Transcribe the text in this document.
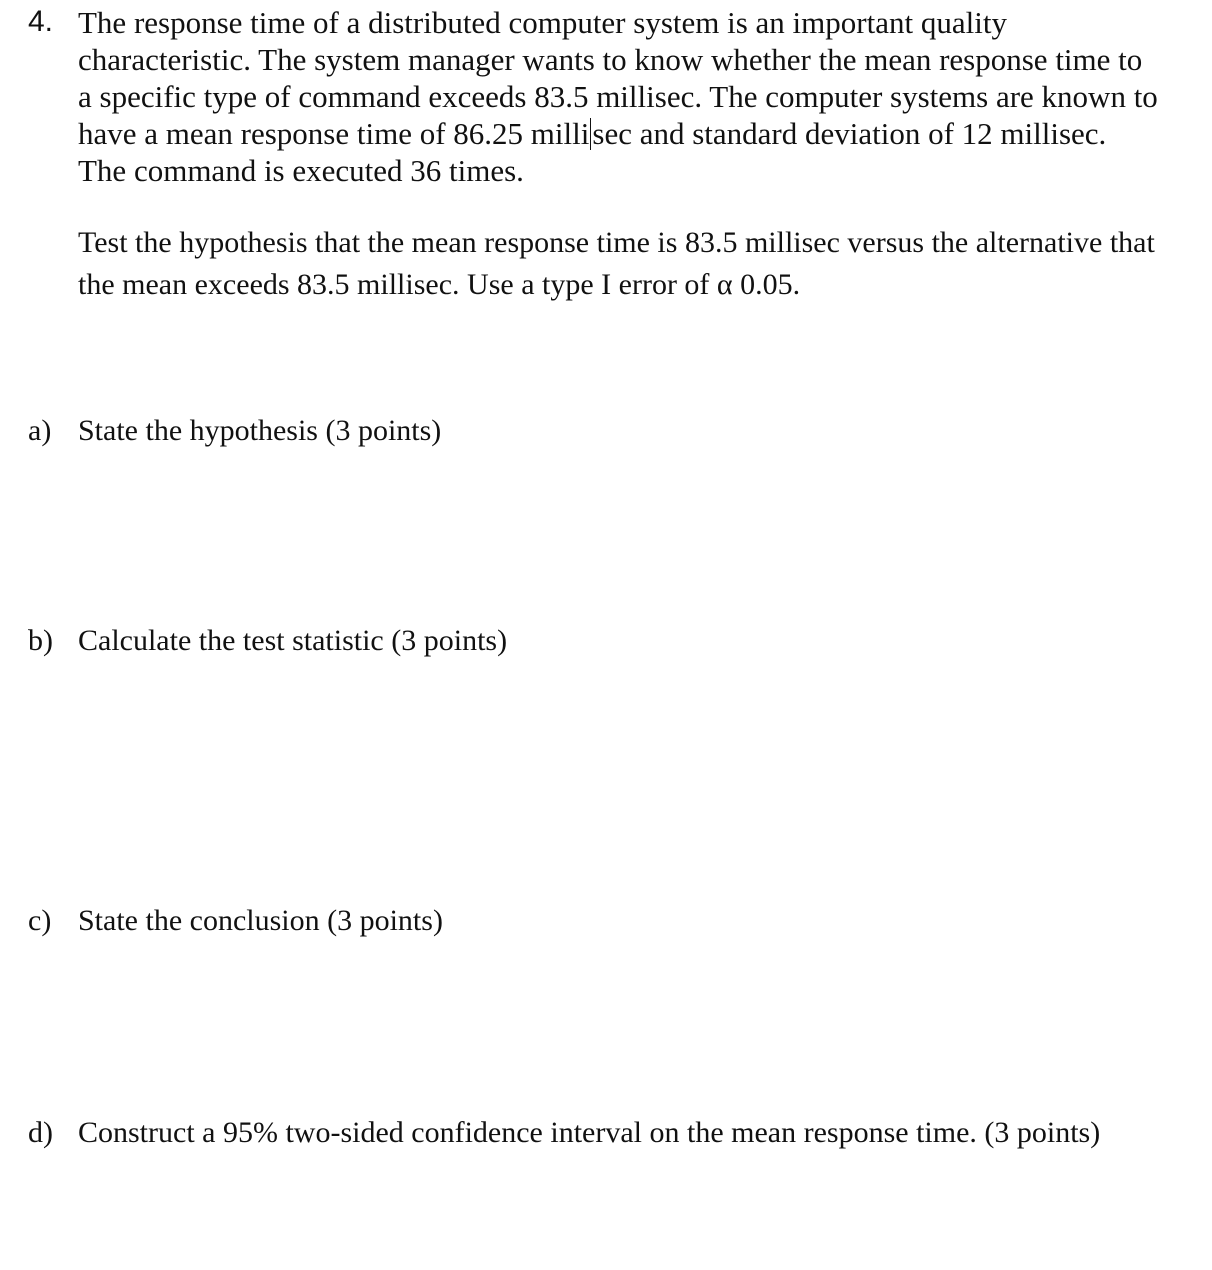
4. The response time of a distributed computer system is an important quality characteristic. The system manager wants to know whether the mean response time to a specific type of command exceeds 83.5 millisec. The computer systems are known to have a mean response time of 86.25 millisec and standard deviation of 12 millisec. The command is executed 36 times.
Test the hypothesis that the mean response time is 83.5 millisec versus the alternative that the mean exceeds 83.5 millisec. Use a type I error of α 0.05.
a) State the hypothesis (3 points)
b) Calculate the test statistic (3 points)
c) State the conclusion (3 points)
d) Construct a 95% two-sided confidence interval on the mean response time. (3 points)
